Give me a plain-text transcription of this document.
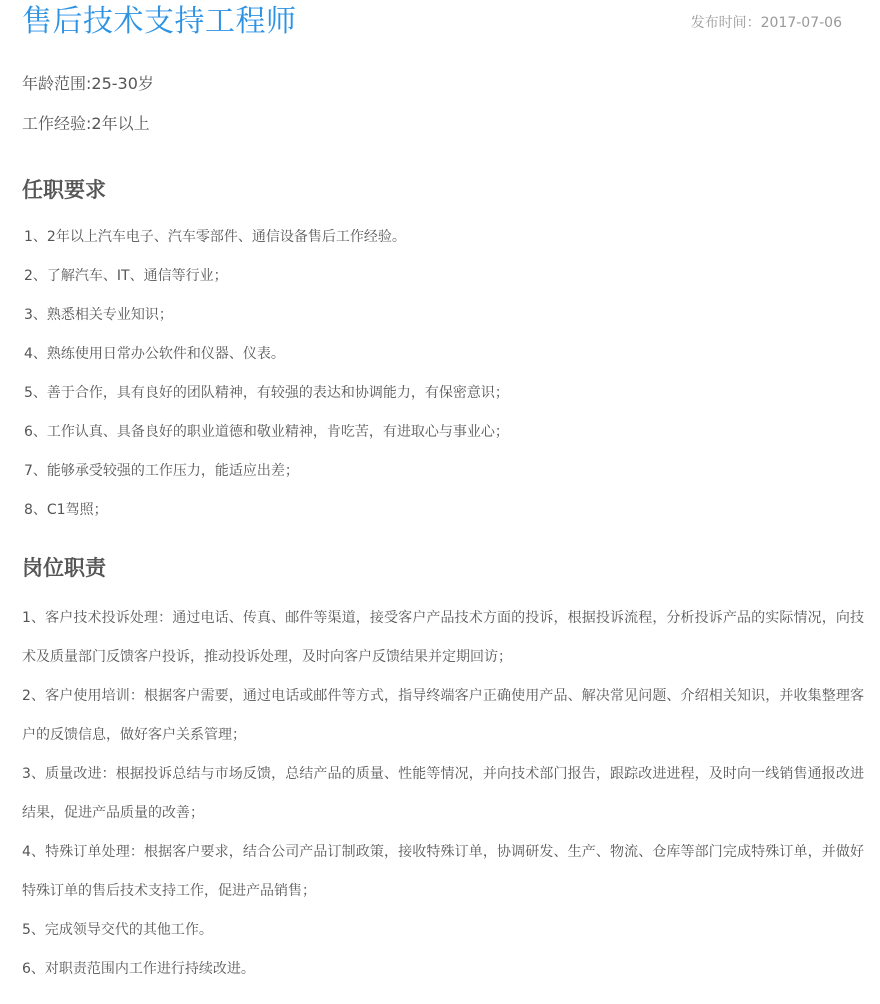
售后技术支持工程师	发布时间：2017-07-06
年龄范围:25-30岁
工作经验:2年以上
任职要求
1、2年以上汽车电子、汽车零部件、通信设备售后工作经验。
2、了解汽车、IT、通信等行业；
3、熟悉相关专业知识；
4、熟练使用日常办公软件和仪器、仪表。
5、善于合作，具有良好的团队精神，有较强的表达和协调能力，有保密意识；
6、工作认真、具备良好的职业道德和敬业精神，肯吃苦，有进取心与事业心；
7、能够承受较强的工作压力，能适应出差；
8、C1驾照；
岗位职责
1、客户技术投诉处理：通过电话、传真、邮件等渠道，接受客户产品技术方面的投诉，根据投诉流程，分析投诉产品的实际情况，向技术及质量部门反馈客户投诉，推动投诉处理，及时向客户反馈结果并定期回访；
2、客户使用培训：根据客户需要，通过电话或邮件等方式，指导终端客户正确使用产品、解决常见问题、介绍相关知识，并收集整理客户的反馈信息，做好客户关系管理；
3、质量改进：根据投诉总结与市场反馈，总结产品的质量、性能等情况，并向技术部门报告，跟踪改进进程，及时向一线销售通报改进结果，促进产品质量的改善；
4、特殊订单处理：根据客户要求，结合公司产品订制政策，接收特殊订单，协调研发、生产、物流、仓库等部门完成特殊订单，并做好特殊订单的售后技术支持工作，促进产品销售；
5、完成领导交代的其他工作。
6、对职责范围内工作进行持续改进。
